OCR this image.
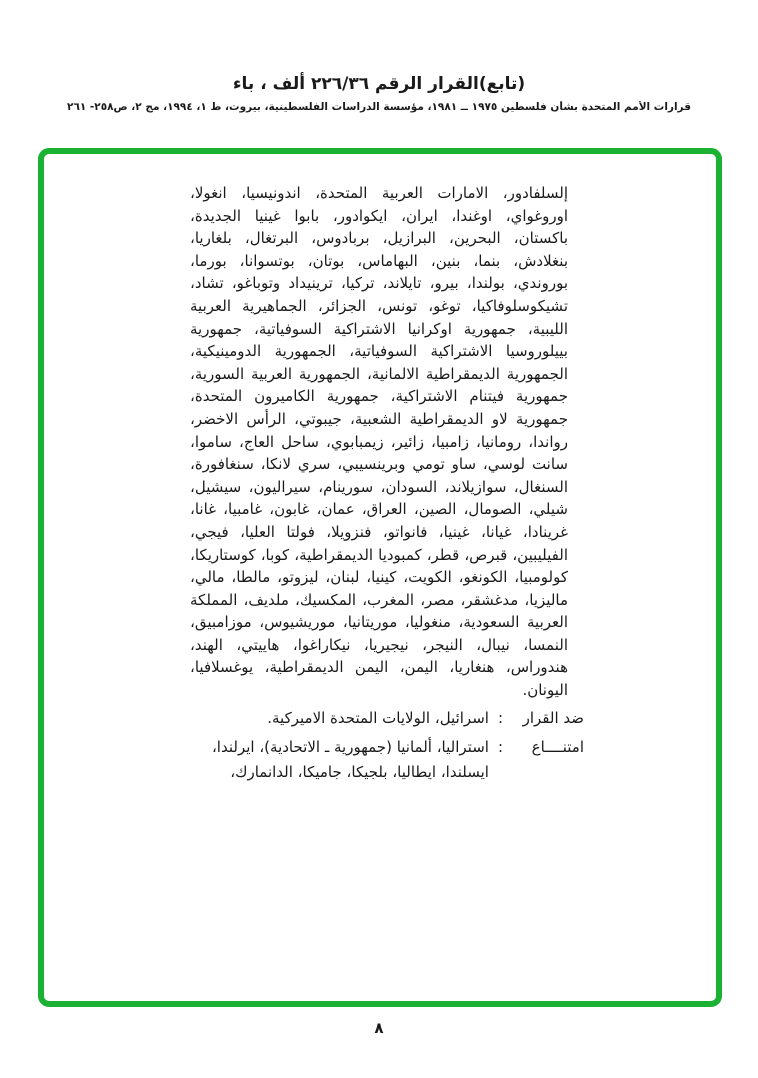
(تابع)القرار الرقم ٢٢٦/٣٦ ألف ، باء
قرارات الأمم المتحدة بشأن فلسطين ١٩٧٥ ــ ١٩٨١، مؤسسة الدراسات الفلسطينية، بيروت، ط ١، ١٩٩٤، مج ٢، ص٢٥٨- ٢٦١

إلسلفادور، الامارات العربية المتحدة، اندونيسيا، انغولا، اوروغواي، اوغندا، ايران، ايكوادور، بابوا غينيا الجديدة، باكستان، البحرين، البرازيل، بربادوس، البرتغال، بلغاريا، بنغلادش، بنما، بنين، البهاماس، بوتان، بوتسوانا، بورما، بوروندي، بولندا، بيرو، تايلاند، تركيا، ترينيداد وتوباغو، تشاد، تشيكوسلوفاكيا، توغو، تونس، الجزائر، الجماهيرية العربية الليبية، جمهورية اوكرانيا الاشتراكية السوفياتية، جمهورية بييلوروسيا الاشتراكية السوفياتية، الجمهورية الدومينيكية، الجمهورية الديمقراطية الالمانية، الجمهورية العربية السورية، جمهورية فيتنام الاشتراكية، جمهورية الكاميرون المتحدة، جمهورية لاو الديمقراطية الشعبية، جيبوتي، الرأس الاخضر، رواندا، رومانيا، زامبيا، زائير، زيمبابوي، ساحل العاج، ساموا، سانت لوسي، ساو تومي وبرينسيبي، سري لانكا، سنغافورة، السنغال، سوازيلاند، السودان، سورينام، سيراليون، سيشيل، شيلي، الصومال، الصين، العراق، عمان، غابون، غامبيا، غانا، غرينادا، غيانا، غينيا، فانواتو، فنزويلا، فولتا العليا، فيجي، الفيليبين، قبرص، قطر، كمبوديا الديمقراطية، كوبا، كوستاريكا، كولومبيا، الكونغو، الكويت، كينيا، لبنان، ليزوتو، مالطا، مالي، ماليزيا، مدغشقر، مصر، المغرب، المكسيك، ملديف، المملكة العربية السعودية، منغوليا، موريتانيا، موريشيوس، موزامبيق، النمسا، نيبال، النيجر، نيجيريا، نيكاراغوا، هاييتي، الهند، هندوراس، هنغاريا، اليمن، اليمن الديمقراطية، يوغسلافيا، اليونان.

ضد القرار
:
اسرائيل، الولايات المتحدة الاميركية.
امتنــــاع
:
استراليا، ألمانيا (جمهورية ـ الاتحادية)، ايرلندا، ايسلندا، ايطاليا، بلجيكا، جاميكا، الدانمارك،
٨
